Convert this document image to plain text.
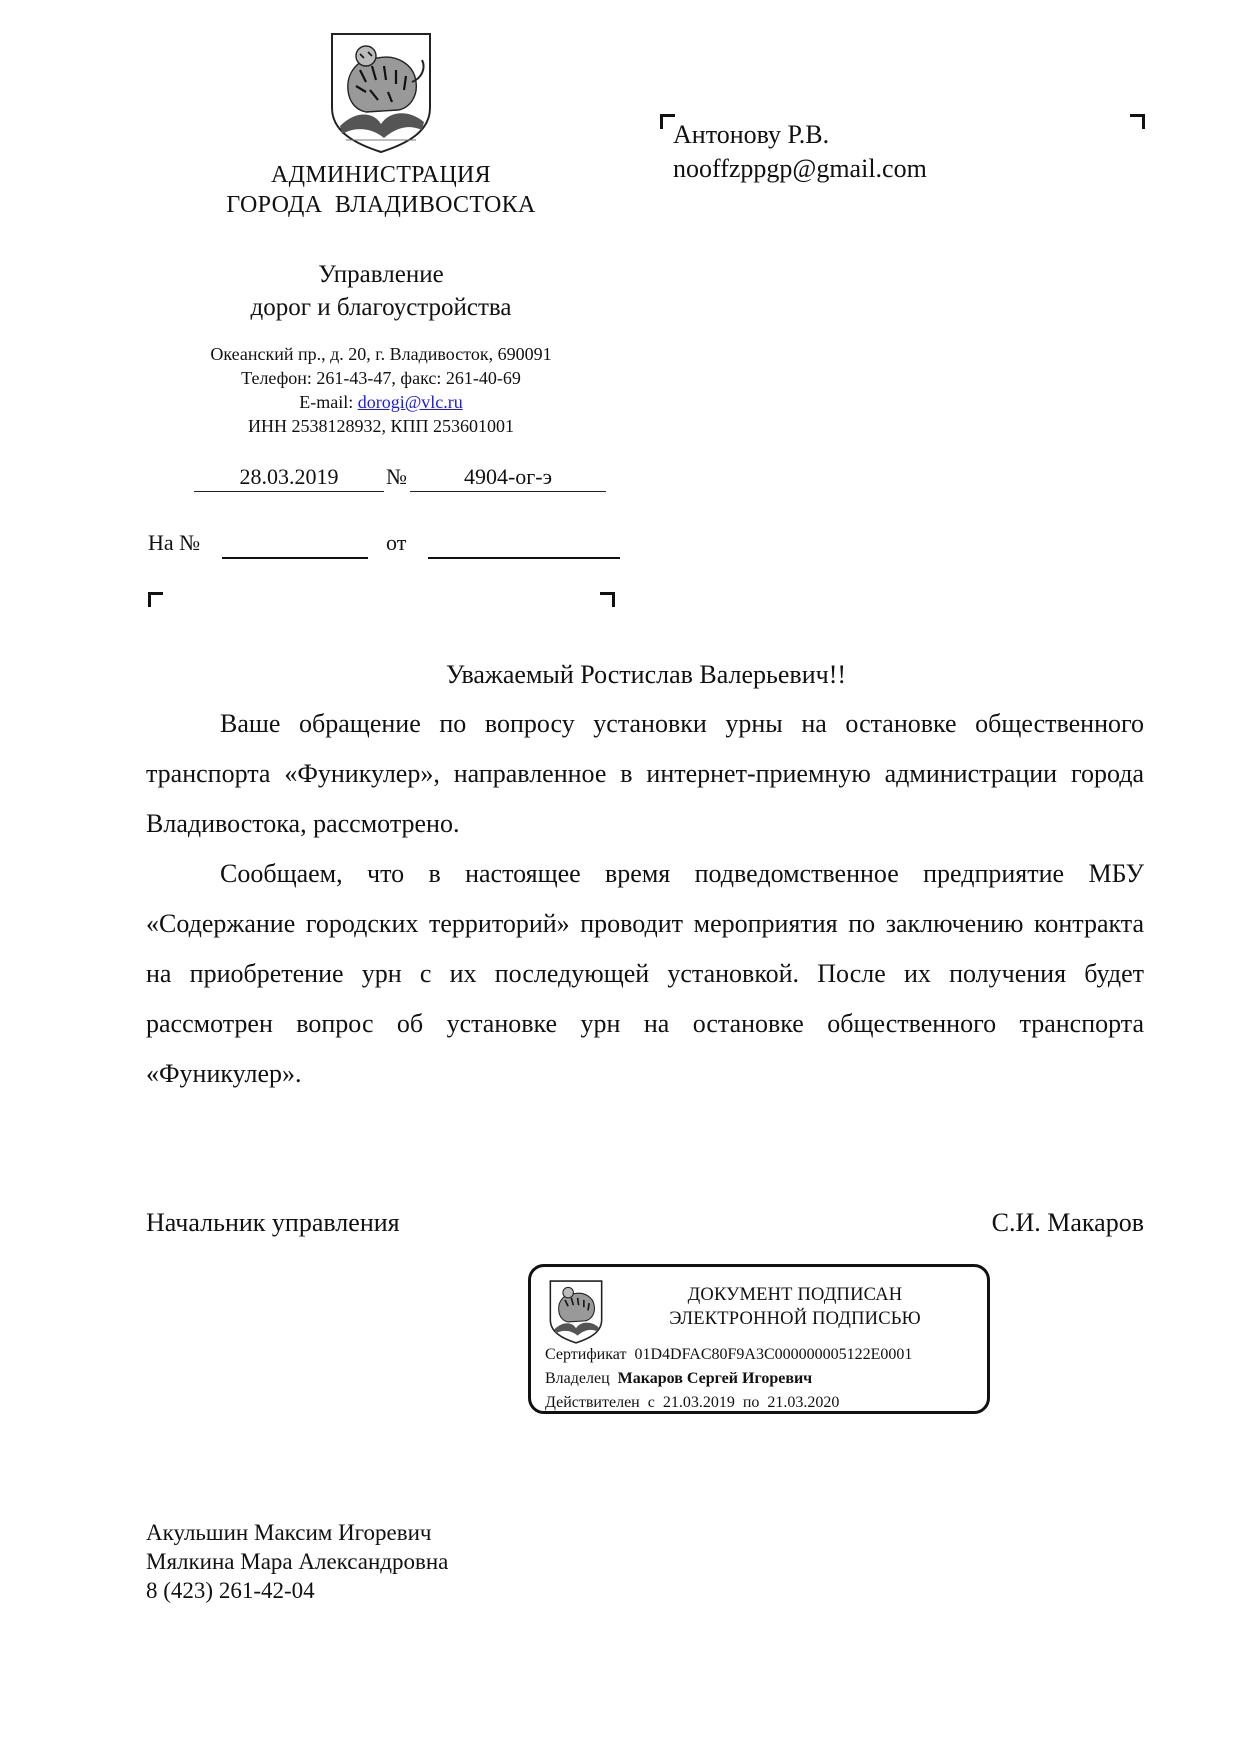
АДМИНИСТРАЦИЯ
ГОРОДА  ВЛАДИВОСТОКА
Управление
дорог и благоустройства
Океанский пр., д. 20, г. Владивосток, 690091
Телефон: 261-43-47, факс: 261-40-69
E-mail: dorogi@vlc.ru
ИНН 2538128932, КПП 253601001
28.03.2019	№	4904-ог-э
На №	от
Антонову Р.В.
nooffzppgp@gmail.com
Уважаемый Ростислав Валерьевич!!

Ваше обращение по вопросу установки урны на остановке общественного транспорта «Фуникулер», направленное в интернет-приемную администрации города Владивостока, рассмотрено.

Сообщаем, что в настоящее время подведомственное предприятие МБУ «Содержание городских территорий» проводит мероприятия по заключению контракта на приобретение урн с их последующей установкой. После их получения будет рассмотрен вопрос об установке урн на остановке общественного транспорта «Фуникулер».

Начальник управления	С.И. Макаров
ДОКУМЕНТ ПОДПИСАН
ЭЛЕКТРОННОЙ ПОДПИСЬЮ
Сертификат 01D4DFAC80F9A3C000000005122E0001
Владелец Макаров Сергей Игоревич
Действителен  с 21.03.2019 по 21.03.2020
Акульшин Максим Игоревич
Мялкина Мара Александровна
8 (423) 261-42-04
